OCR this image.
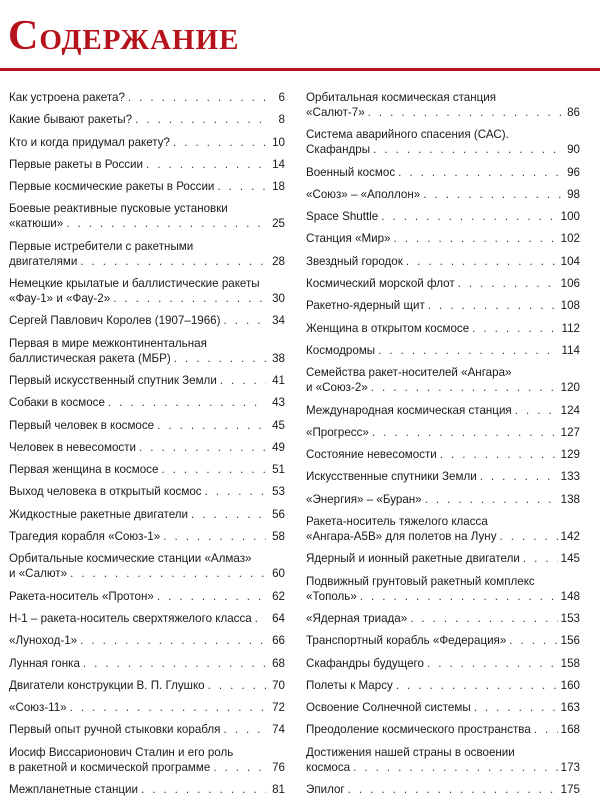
Содержание
Как устроена ракета? . . .	6
Какие бывают ракеты? . . .	8
Кто и когда придумал ракету? . . .	10
Первые ракеты в России . . .	14
Первые космические ракеты в России . . .	18
Боевые реактивные пусковые установки
«катюши» . . .	25
Первые истребители с ракетными
двигателями . . .	28
Немецкие крылатые и баллистические ракеты
«Фау-1» и «Фау-2» . . .	30
Сергей Павлович Королев (1907–1966) . . .	34
Первая в мире межконтинентальная
баллистическая ракета (МБР) . . .	38
Первый искусственный спутник Земли . . .	41
Собаки в космосе . . .	43
Первый человек в космосе . . .	45
Человек в невесомости . . .	49
Первая женщина в космосе . . .	51
Выход человека в открытый космос . . .	53
Жидкостные ракетные двигатели . . .	56
Трагедия корабля «Союз-1» . . .	58
Орбитальные космические станции «Алмаз»
и «Салют» . . .	60
Ракета-носитель «Протон» . . .	62
Н-1 – ракета-носитель сверхтяжелого класса . . . 64
«Луноход-1» . . .	66
Лунная гонка . . .	68
Двигатели конструкции В. П. Глушко . . .	70
«Союз-11» . . .	72
Первый опыт ручной стыковки корабля . . .	74
Иосиф Виссарионович Сталин и его роль
в ракетной и космической программе . . .	76
Межпланетные станции . . .	81
Орбитальная космическая станция
«Салют-7» . . .	86
Система аварийного спасения (САС).
Скафандры . . .	90
Военный космос . . .	96
«Союз» – «Аполлон» . . .	98
Space Shuttle . . .	100
Станция «Мир» . . .	102
Звездный городок . . .	104
Космический морской флот . . .	106
Ракетно-ядерный щит . . .	108
Женщина в открытом космосе . . .	112
Космодромы . . .	114
Семейства ракет-носителей «Ангара»
и «Союз-2» . . .	120
Международная космическая станция . . .	124
«Прогресс» . . .	127
Состояние невесомости . . .	129
Искусственные спутники Земли . . .	133
«Энергия» – «Буран» . . .	138
Ракета-носитель тяжелого класса
«Ангара-А5В» для полетов на Луну . . .	142
Ядерный и ионный ракетные двигатели . . .	145
Подвижный грунтовый ракетный комплекс
«Тополь» . . .	148
«Ядерная триада» . . .	153
Транспортный корабль «Федерация» . . .	156
Скафандры будущего . . .	158
Полеты к Марсу . . .	160
Освоение Солнечной системы . . .	163
Преодоление космического пространства . . .	168
Достижения нашей страны в освоении
космоса . . .	173
Эпилог . . .	175
